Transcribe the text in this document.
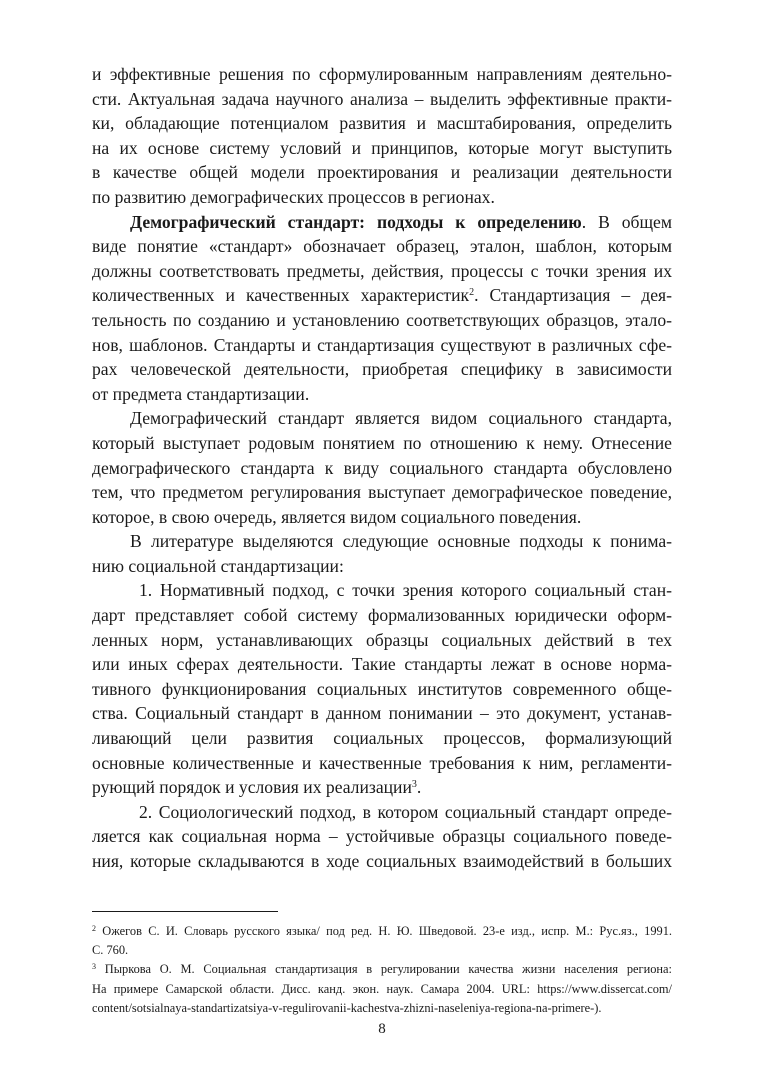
и эффективные решения по сформулированным направлениям деятельно-
сти. Актуальная задача научного анализа – выделить эффективные практи-
ки, обладающие потенциалом развития и масштабирования, определить
на их основе систему условий и принципов, которые могут выступить
в качестве общей модели проектирования и реализации деятельности
по развитию демографических процессов в регионах.
Демографический стандарт: подходы к определению. В общем
виде понятие «стандарт» обозначает образец, эталон, шаблон, которым
должны соответствовать предметы, действия, процессы с точки зрения их
количественных и качественных характеристик$^2$. Стандартизация – дея-
тельность по созданию и установлению соответствующих образцов, этало-
нов, шаблонов. Стандарты и стандартизация существуют в различных сфе-
рах человеческой деятельности, приобретая специфику в зависимости
от предмета стандартизации.
Демографический стандарт является видом социального стандарта,
который выступает родовым понятием по отношению к нему. Отнесение
демографического стандарта к виду социального стандарта обусловлено
тем, что предметом регулирования выступает демографическое поведение,
которое, в свою очередь, является видом социального поведения.
В литературе выделяются следующие основные подходы к понима-
нию социальной стандартизации:
1. Нормативный подход, с точки зрения которого социальный стан-
дарт представляет собой систему формализованных юридически оформ-
ленных норм, устанавливающих образцы социальных действий в тех
или иных сферах деятельности. Такие стандарты лежат в основе норма-
тивного функционирования социальных институтов современного обще-
ства. Социальный стандарт в данном понимании – это документ, устанав-
ливающий цели развития социальных процессов, формализующий
основные количественные и качественные требования к ним, регламенти-
рующий порядок и условия их реализации$^3$.
2. Социологический подход, в котором социальный стандарт опреде-
ляется как социальная норма – устойчивые образцы социального поведе-
ния, которые складываются в ходе социальных взаимодействий в больших
$^2$ Ожегов С. И. Словарь русского языка/ под ред. Н. Ю. Шведовой. 23-е изд., испр. М.: Рус.яз., 1991.
С. 760.
$^3$ Пыркова О. М. Социальная стандартизация в регулировании качества жизни населения региона:
На примере Самарской области. Дисс. канд. экон. наук. Самара 2004. URL: https://www.dissercat.com/
content/sotsialnaya-standartizatsiya-v-regulirovanii-kachestva-zhizni-naseleniya-regiona-na-primere-).
8
